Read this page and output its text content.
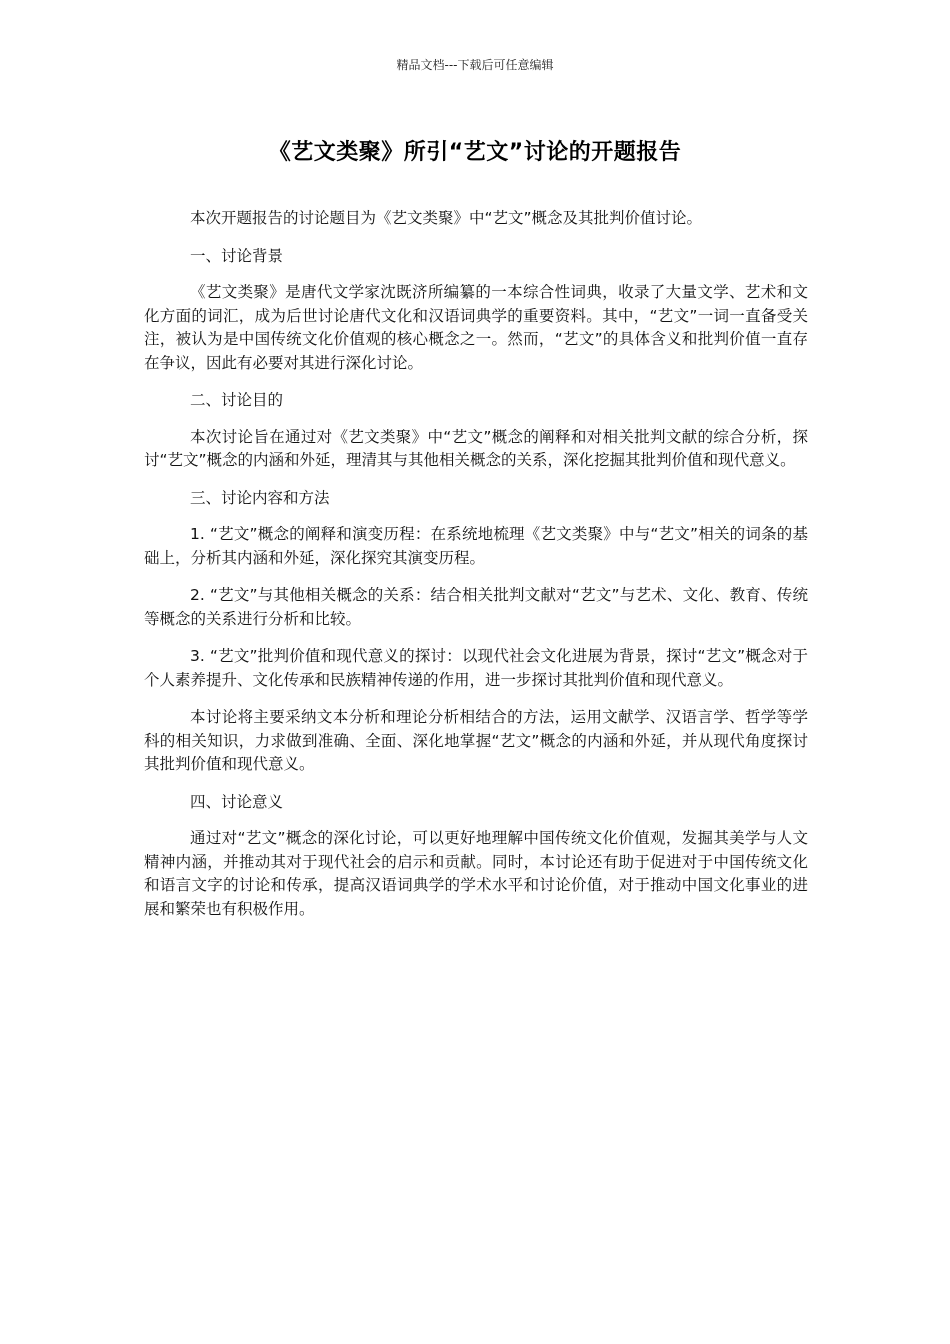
精品文档---下载后可任意编辑
《艺文类聚》所引“艺文”讨论的开题报告

本次开题报告的讨论题目为《艺文类聚》中“艺文”概念及其批判价值讨论。

一、讨论背景

《艺文类聚》是唐代文学家沈既济所编纂的一本综合性词典，收录了大量文学、艺术和文化方面的词汇，成为后世讨论唐代文化和汉语词典学的重要资料。其中，“艺文”一词一直备受关注，被认为是中国传统文化价值观的核心概念之一。然而，“艺文”的具体含义和批判价值一直存在争议，因此有必要对其进行深化讨论。

二、讨论目的

本次讨论旨在通过对《艺文类聚》中“艺文”概念的阐释和对相关批判文献的综合分析，探讨“艺文”概念的内涵和外延，理清其与其他相关概念的关系，深化挖掘其批判价值和现代意义。

三、讨论内容和方法

1. “艺文”概念的阐释和演变历程：在系统地梳理《艺文类聚》中与“艺文”相关的词条的基础上，分析其内涵和外延，深化探究其演变历程。

2. “艺文”与其他相关概念的关系：结合相关批判文献对“艺文”与艺术、文化、教育、传统等概念的关系进行分析和比较。

3. “艺文”批判价值和现代意义的探讨：以现代社会文化进展为背景，探讨“艺文”概念对于个人素养提升、文化传承和民族精神传递的作用，进一步探讨其批判价值和现代意义。

本讨论将主要采纳文本分析和理论分析相结合的方法，运用文献学、汉语言学、哲学等学科的相关知识，力求做到准确、全面、深化地掌握“艺文”概念的内涵和外延，并从现代角度探讨其批判价值和现代意义。

四、讨论意义

通过对“艺文”概念的深化讨论，可以更好地理解中国传统文化价值观，发掘其美学与人文精神内涵，并推动其对于现代社会的启示和贡献。同时，本讨论还有助于促进对于中国传统文化和语言文字的讨论和传承，提高汉语词典学的学术水平和讨论价值，对于推动中国文化事业的进展和繁荣也有积极作用。
